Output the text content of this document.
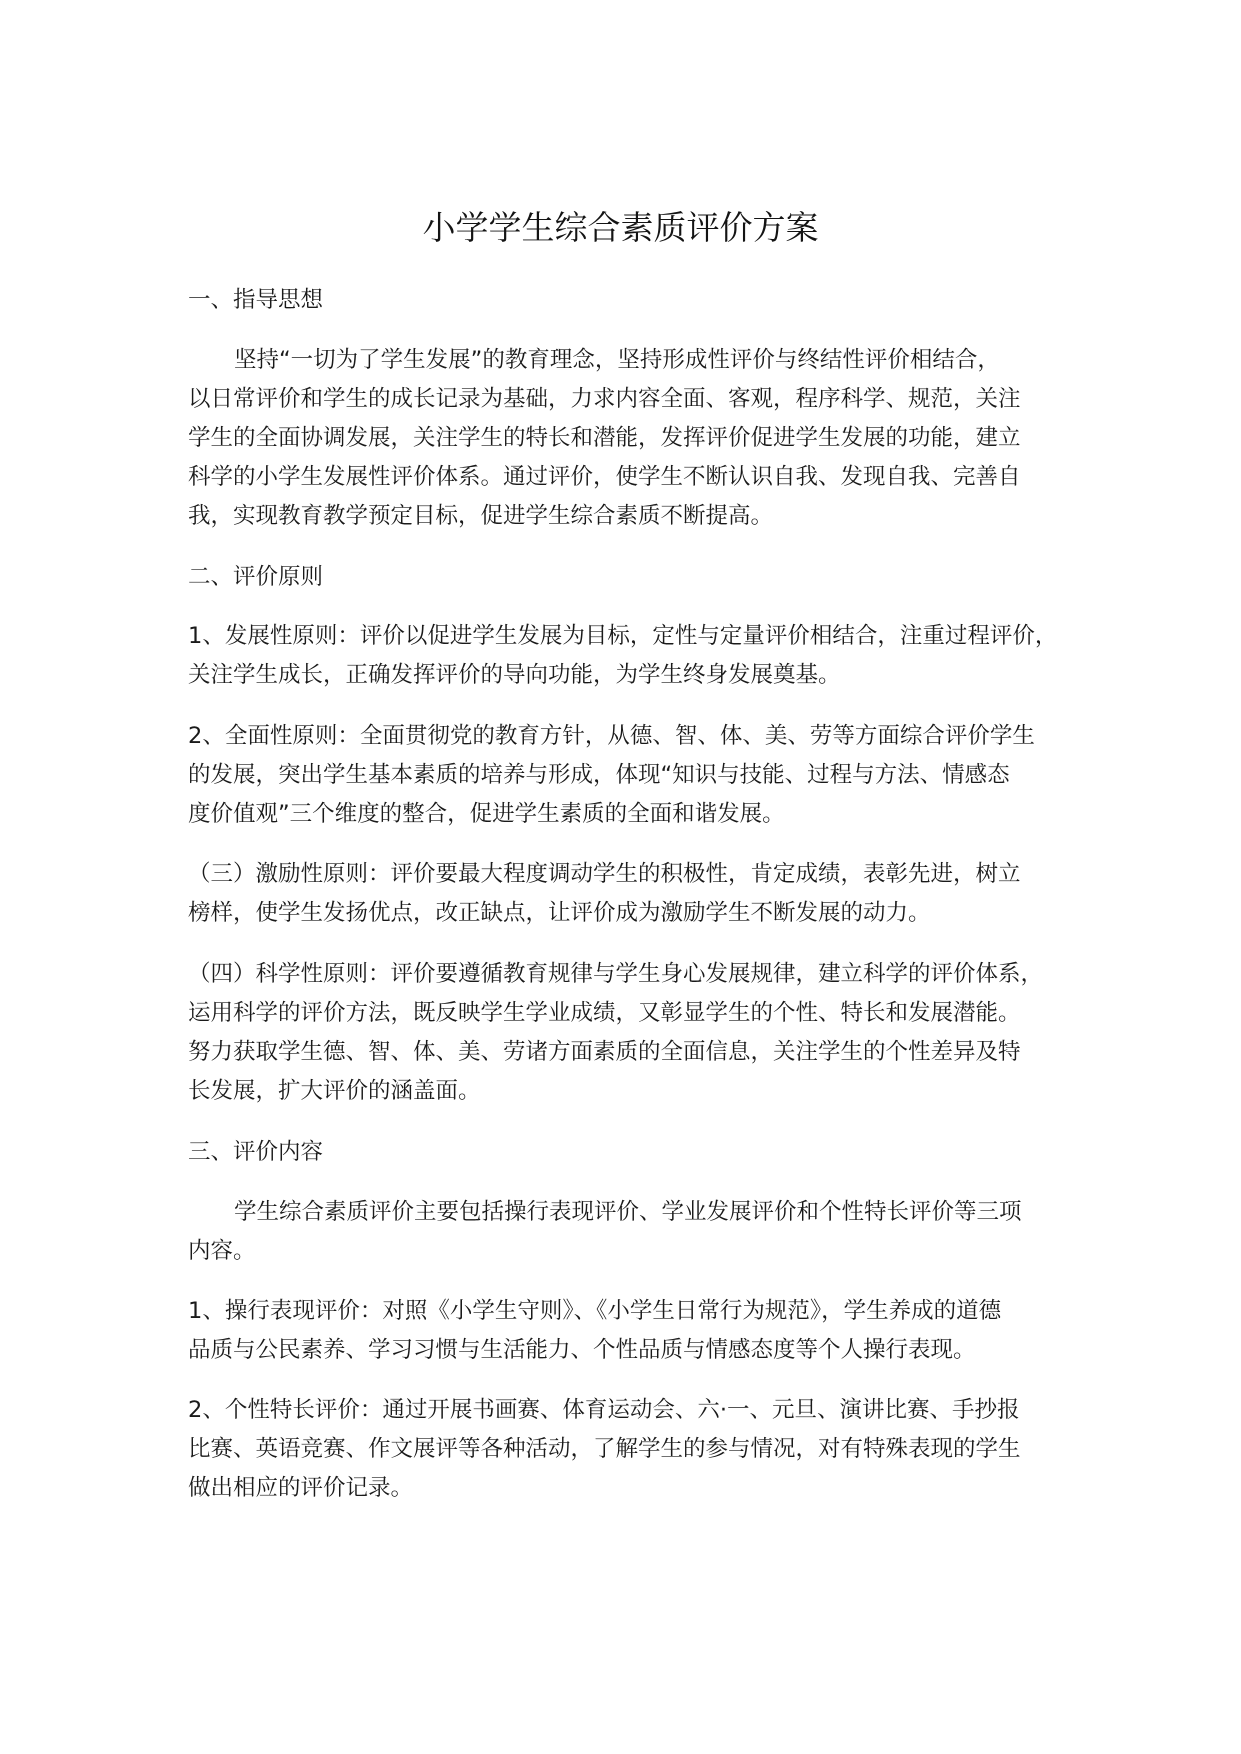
小学学生综合素质评价方案
一、指导思想
坚持“一切为了学生发展”的教育理念，坚持形成性评价与终结性评价相结合，
以日常评价和学生的成长记录为基础，力求内容全面、客观，程序科学、规范，关注
学生的全面协调发展，关注学生的特长和潜能，发挥评价促进学生发展的功能，建立
科学的小学生发展性评价体系。通过评价，使学生不断认识自我、发现自我、完善自
我，实现教育教学预定目标，促进学生综合素质不断提高。
二、评价原则
1、发展性原则：评价以促进学生发展为目标，定性与定量评价相结合，注重过程评价，
关注学生成长，正确发挥评价的导向功能，为学生终身发展奠基。
2、全面性原则：全面贯彻党的教育方针，从德、智、体、美、劳等方面综合评价学生
的发展，突出学生基本素质的培养与形成，体现“知识与技能、过程与方法、情感态
度价值观”三个维度的整合，促进学生素质的全面和谐发展。
（三）激励性原则：评价要最大程度调动学生的积极性，肯定成绩，表彰先进，树立
榜样，使学生发扬优点，改正缺点，让评价成为激励学生不断发展的动力。
（四）科学性原则：评价要遵循教育规律与学生身心发展规律，建立科学的评价体系，
运用科学的评价方法，既反映学生学业成绩，又彰显学生的个性、特长和发展潜能。
努力获取学生德、智、体、美、劳诸方面素质的全面信息，关注学生的个性差异及特
长发展，扩大评价的涵盖面。
三、评价内容
学生综合素质评价主要包括操行表现评价、学业发展评价和个性特长评价等三项
内容。
1、操行表现评价：对照《小学生守则》、《小学生日常行为规范》，学生养成的道德
品质与公民素养、学习习惯与生活能力、个性品质与情感态度等个人操行表现。
2、个性特长评价：通过开展书画赛、体育运动会、六·一、元旦、演讲比赛、手抄报
比赛、英语竞赛、作文展评等各种活动，了解学生的参与情况，对有特殊表现的学生
做出相应的评价记录。
